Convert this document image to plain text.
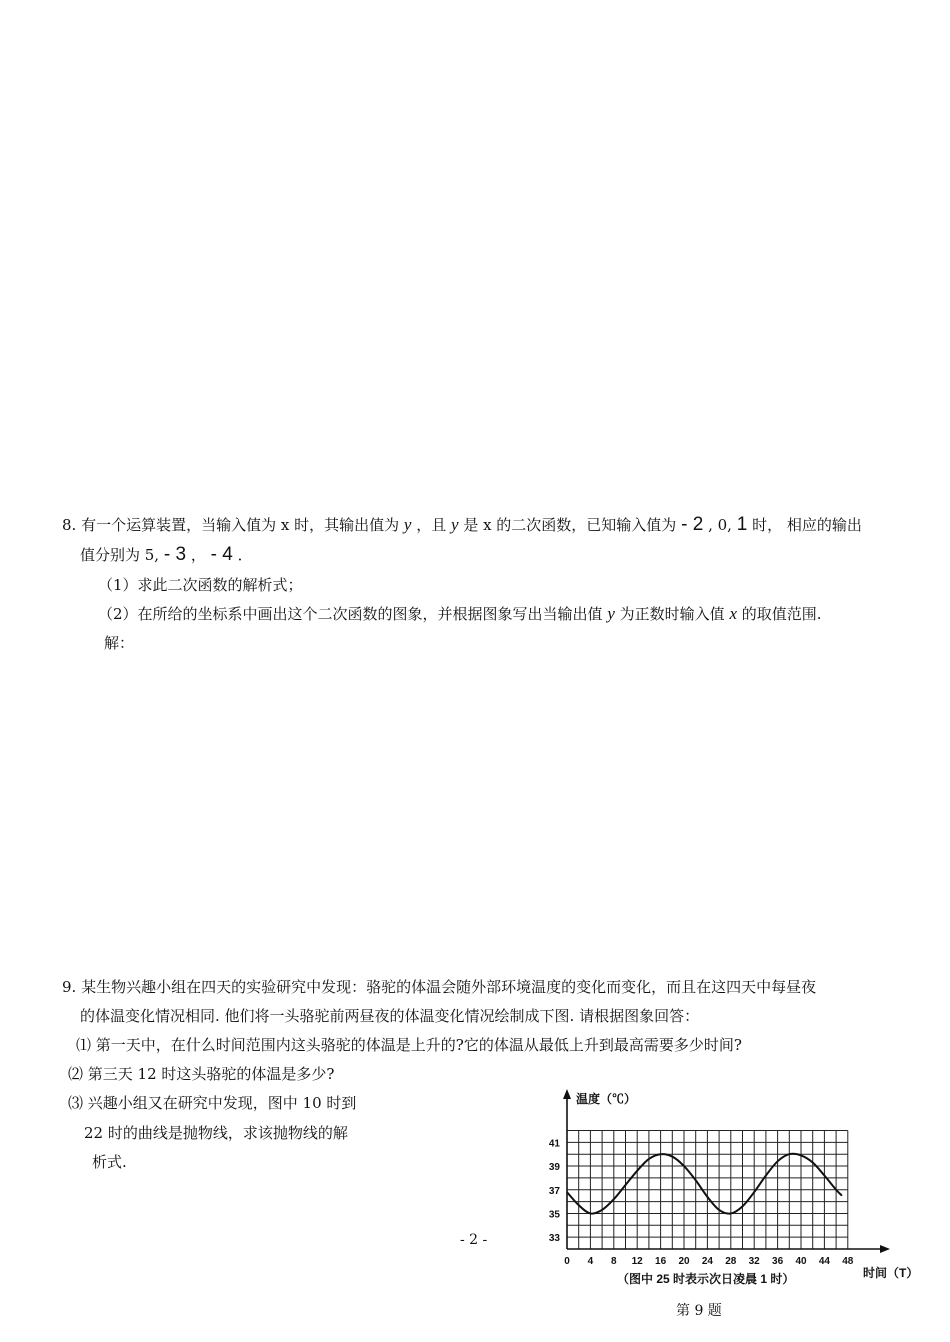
8. 有一个运算装置，当输入值为 x 时，其输出值为 y ，且 y 是 x 的二次函数，已知输入值为 - 2 , 0, 1 时， 相应的输出
值分别为 5, - 3 ， - 4 ．
（1）求此二次函数的解析式；
（2）在所给的坐标系中画出这个二次函数的图象，并根据图象写出当输出值 y 为正数时输入值 x 的取值范围.
解：
9. 某生物兴趣小组在四天的实验研究中发现：骆驼的体温会随外部环境温度的变化而变化，而且在这四天中每昼夜
的体温变化情况相同. 他们将一头骆驼前两昼夜的体温变化情况绘制成下图. 请根据图象回答：
⑴ 第一天中，在什么时间范围内这头骆驼的体温是上升的?它的体温从最低上升到最高需要多少时间?
⑵ 第三天 12 时这头骆驼的体温是多少?
⑶ 兴趣小组又在研究中发现，图中 10 时到
22 时的曲线是抛物线，求该抛物线的解
析式.
0 4 8 12 16 20 24 28 32 36 40 44 48
33
35
37
39
41
温度（℃）
时间（T）
（图中 25 时表示次日凌晨 1 时）
- 2 -
第 9 题
